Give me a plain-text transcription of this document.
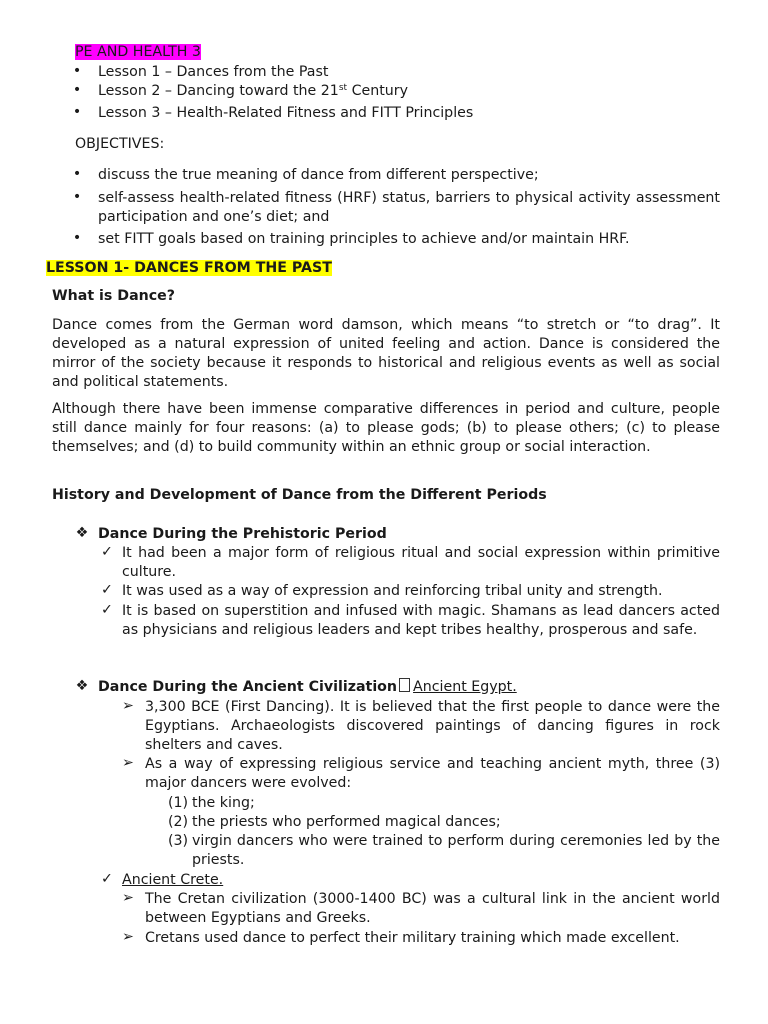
PE AND HEALTH 3
• Lesson 1 – Dances from the Past
• Lesson 2 – Dancing toward the 21st Century
• Lesson 3 – Health-Related Fitness and FITT Principles
OBJECTIVES:
• discuss the true meaning of dance from different perspective;
• self-assess health-related fitness (HRF) status, barriers to physical activity assessment participation and one’s diet; and
• set FITT goals based on training principles to achieve and/or maintain HRF.
LESSON 1- DANCES FROM THE PAST
What is Dance?
Dance comes from the German word damson, which means “to stretch or “to drag”. It developed as a natural expression of united feeling and action. Dance is considered the mirror of the society because it responds to historical and religious events as well as social and political statements.
Although there have been immense comparative differences in period and culture, people still dance mainly for four reasons: (a) to please gods; (b) to please others; (c) to please themselves; and (d) to build community within an ethnic group or social interaction.
History and Development of Dance from the Different Periods
❖ Dance During the Prehistoric Period
✓ It had been a major form of religious ritual and social expression within primitive culture.
✓ It was used as a way of expression and reinforcing tribal unity and strength.
✓ It is based on superstition and infused with magic. Shamans as lead dancers acted as physicians and religious leaders and kept tribes healthy, prosperous and safe.
❖ Dance During the Ancient Civilization Ancient Egypt.
➢ 3,300 BCE (First Dancing). It is believed that the first people to dance were the Egyptians. Archaeologists discovered paintings of dancing figures in rock shelters and caves.
➢ As a way of expressing religious service and teaching ancient myth, three (3) major dancers were evolved:
(1) the king;
(2) the priests who performed magical dances;
(3) virgin dancers who were trained to perform during ceremonies led by the priests.
✓ Ancient Crete.
➢ The Cretan civilization (3000-1400 BC) was a cultural link in the ancient world between Egyptians and Greeks.
➢ Cretans used dance to perfect their military training which made excellent.
